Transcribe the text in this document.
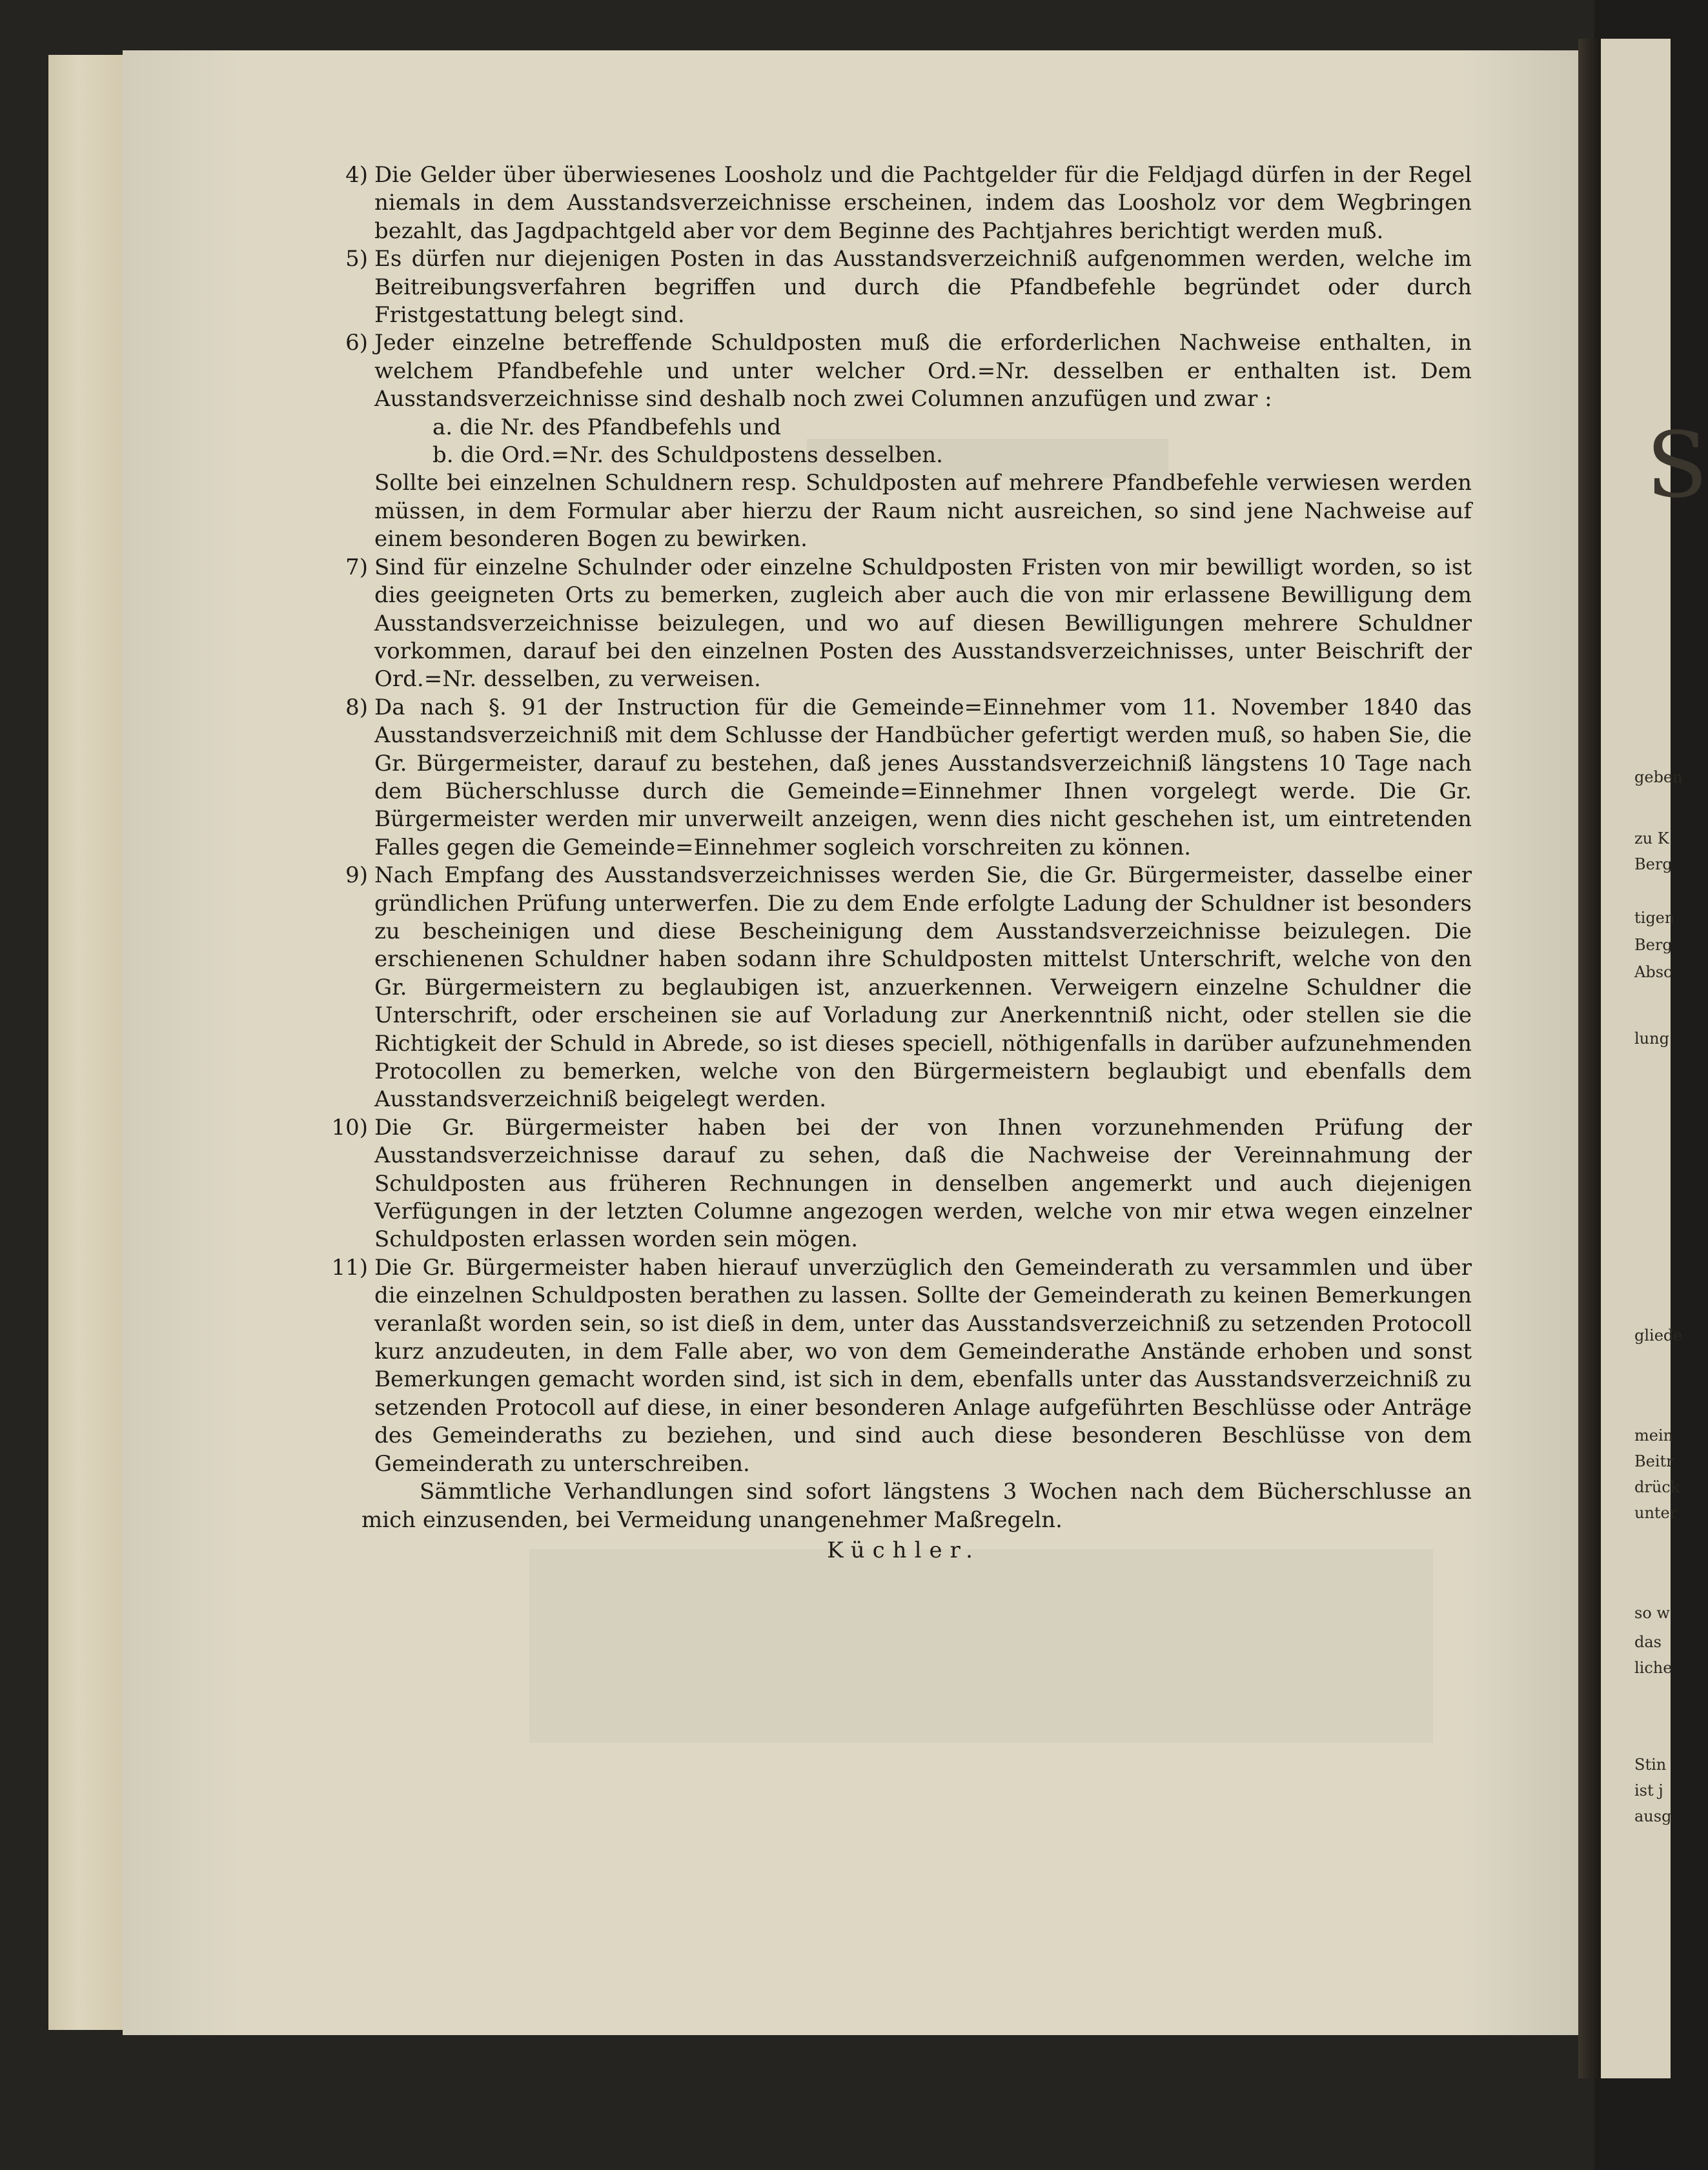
S
geben
zu K
Berg
tigen
Berg
Absc
lung
gliede
mein
Beitr
drück
unter
so w
das
liche
Stin
ist j
ausg
4) Die Gelder über überwiesenes Loosholz und die Pachtgelder für die Feldjagd dürfen in der Regel niemals in dem Ausstandsverzeichnisse erscheinen, indem das Loosholz vor dem Wegbringen bezahlt, das Jagdpachtgeld aber vor dem Beginne des Pachtjahres berichtigt werden muß.
5) Es dürfen nur diejenigen Posten in das Ausstandsverzeichniß aufgenommen werden, welche im Beitreibungsverfahren begriffen und durch die Pfandbefehle begründet oder durch Fristgestattung belegt sind.
6) Jeder einzelne betreffende Schuldposten muß die erforderlichen Nachweise enthalten, in welchem Pfandbefehle und unter welcher Ord.=Nr. desselben er enthalten ist. Dem Ausstandsverzeichnisse sind deshalb noch zwei Columnen anzufügen und zwar :
a. die Nr. des Pfandbefehls und
b. die Ord.=Nr. des Schuldpostens desselben.
Sollte bei einzelnen Schuldnern resp. Schuldposten auf mehrere Pfandbefehle verwiesen werden müssen, in dem Formular aber hierzu der Raum nicht ausreichen, so sind jene Nachweise auf einem besonderen Bogen zu bewirken.
7) Sind für einzelne Schulnder oder einzelne Schuldposten Fristen von mir bewilligt worden, so ist dies geeigneten Orts zu bemerken, zugleich aber auch die von mir erlassene Bewilligung dem Ausstandsverzeichnisse beizulegen, und wo auf diesen Bewilligungen mehrere Schuldner vorkommen, darauf bei den einzelnen Posten des Ausstandsverzeichnisses, unter Beischrift der Ord.=Nr. desselben, zu verweisen.
8) Da nach §. 91 der Instruction für die Gemeinde=Einnehmer vom 11. November 1840 das Ausstandsverzeichniß mit dem Schlusse der Handbücher gefertigt werden muß, so haben Sie, die Gr. Bürgermeister, darauf zu bestehen, daß jenes Ausstandsverzeichniß längstens 10 Tage nach dem Bücherschlusse durch die Gemeinde=Einnehmer Ihnen vorgelegt werde. Die Gr. Bürgermeister werden mir unverweilt anzeigen, wenn dies nicht geschehen ist, um eintretenden Falles gegen die Gemeinde=Einnehmer sogleich vorschreiten zu können.
9) Nach Empfang des Ausstandsverzeichnisses werden Sie, die Gr. Bürgermeister, dasselbe einer gründlichen Prüfung unterwerfen. Die zu dem Ende erfolgte Ladung der Schuldner ist besonders zu bescheinigen und diese Bescheinigung dem Ausstandsverzeichnisse beizulegen. Die erschienenen Schuldner haben sodann ihre Schuldposten mittelst Unterschrift, welche von den Gr. Bürgermeistern zu beglaubigen ist, anzuerkennen. Verweigern einzelne Schuldner die Unterschrift, oder erscheinen sie auf Vorladung zur Anerkenntniß nicht, oder stellen sie die Richtigkeit der Schuld in Abrede, so ist dieses speciell, nöthigenfalls in darüber aufzunehmenden Protocollen zu bemerken, welche von den Bürgermeistern beglaubigt und ebenfalls dem Ausstandsverzeichniß beigelegt werden.
10) Die Gr. Bürgermeister haben bei der von Ihnen vorzunehmenden Prüfung der Ausstandsverzeichnisse darauf zu sehen, daß die Nachweise der Vereinnahmung der Schuldposten aus früheren Rechnungen in denselben angemerkt und auch diejenigen Verfügungen in der letzten Columne angezogen werden, welche von mir etwa wegen einzelner Schuldposten erlassen worden sein mögen.
11) Die Gr. Bürgermeister haben hierauf unverzüglich den Gemeinderath zu versammlen und über die einzelnen Schuldposten berathen zu lassen. Sollte der Gemeinderath zu keinen Bemerkungen veranlaßt worden sein, so ist dieß in dem, unter das Ausstandsverzeichniß zu setzenden Protocoll kurz anzudeuten, in dem Falle aber, wo von dem Gemeinderathe Anstände erhoben und sonst Bemerkungen gemacht worden sind, ist sich in dem, ebenfalls unter das Ausstandsverzeichniß zu setzenden Protocoll auf diese, in einer besonderen Anlage aufgeführten Beschlüsse oder Anträge des Gemeinderaths zu beziehen, und sind auch diese besonderen Beschlüsse von dem Gemeinderath zu unterschreiben.
Sämmtliche Verhandlungen sind sofort längstens 3 Wochen nach dem Bücherschlusse an mich einzusenden, bei Vermeidung unangenehmer Maßregeln.
Küchler.
